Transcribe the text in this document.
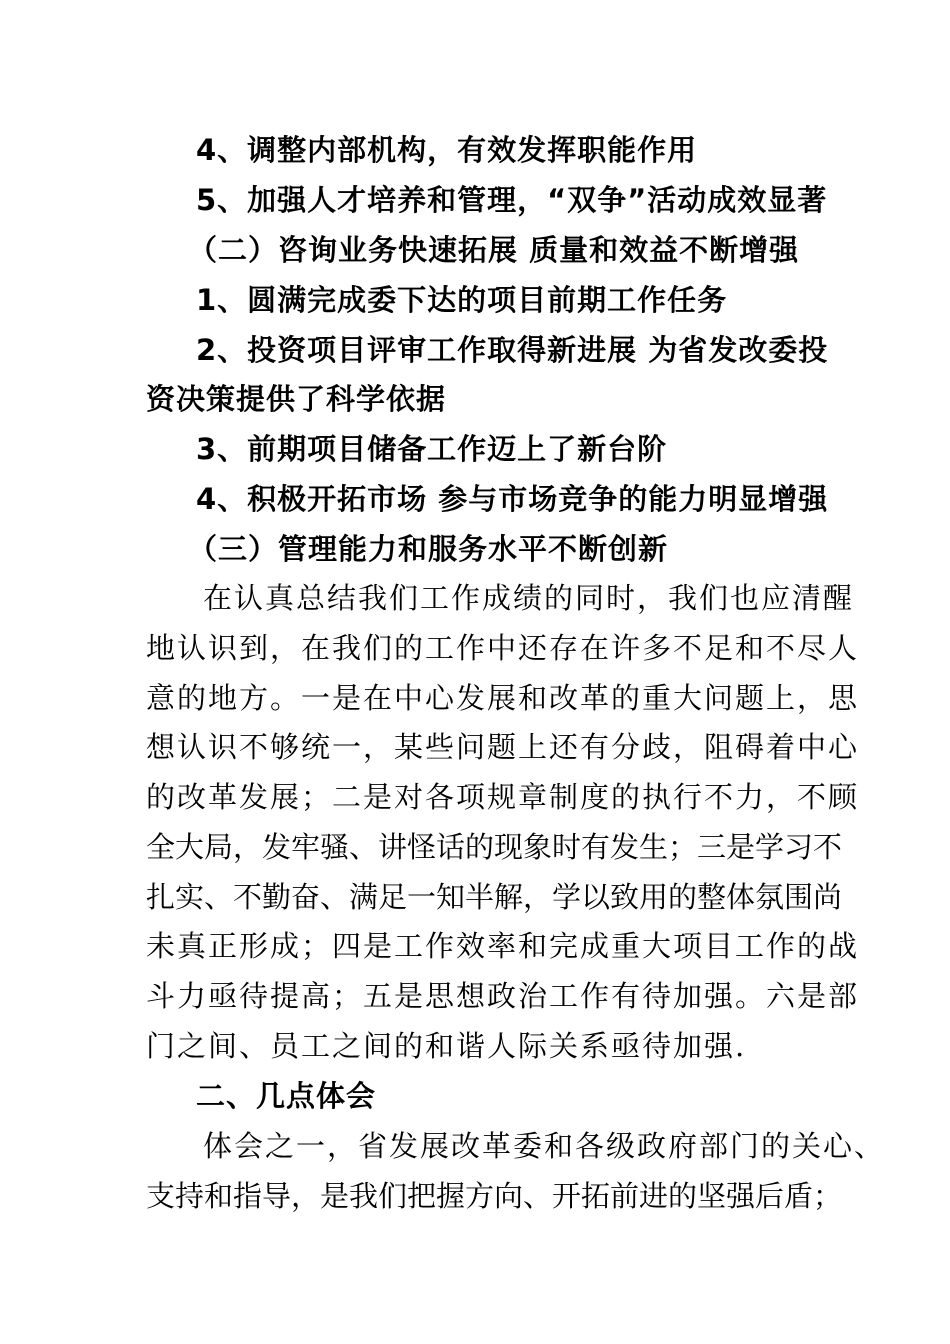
4、调整内部机构，有效发挥职能作用
5、加强人才培养和管理，“双争”活动成效显著
（二）咨询业务快速拓展 质量和效益不断增强
1、圆满完成委下达的项目前期工作任务
2、投资项目评审工作取得新进展 为省发改委投
资决策提供了科学依据
3、前期项目储备工作迈上了新台阶
4、积极开拓市场 参与市场竞争的能力明显增强
（三）管理能力和服务水平不断创新
在认真总结我们工作成绩的同时，我们也应清醒
地认识到，在我们的工作中还存在许多不足和不尽人
意的地方。一是在中心发展和改革的重大问题上，思
想认识不够统一，某些问题上还有分歧，阻碍着中心
的改革发展；二是对各项规章制度的执行不力，不顾
全大局，发牢骚、讲怪话的现象时有发生；三是学习不
扎实、不勤奋、满足一知半解，学以致用的整体氛围尚
未真正形成；四是工作效率和完成重大项目工作的战
斗力亟待提高；五是思想政治工作有待加强。六是部
门之间、员工之间的和谐人际关系亟待加强.
二、几点体会
体会之一，省发展改革委和各级政府部门的关心、
支持和指导，是我们把握方向、开拓前进的坚强后盾；
